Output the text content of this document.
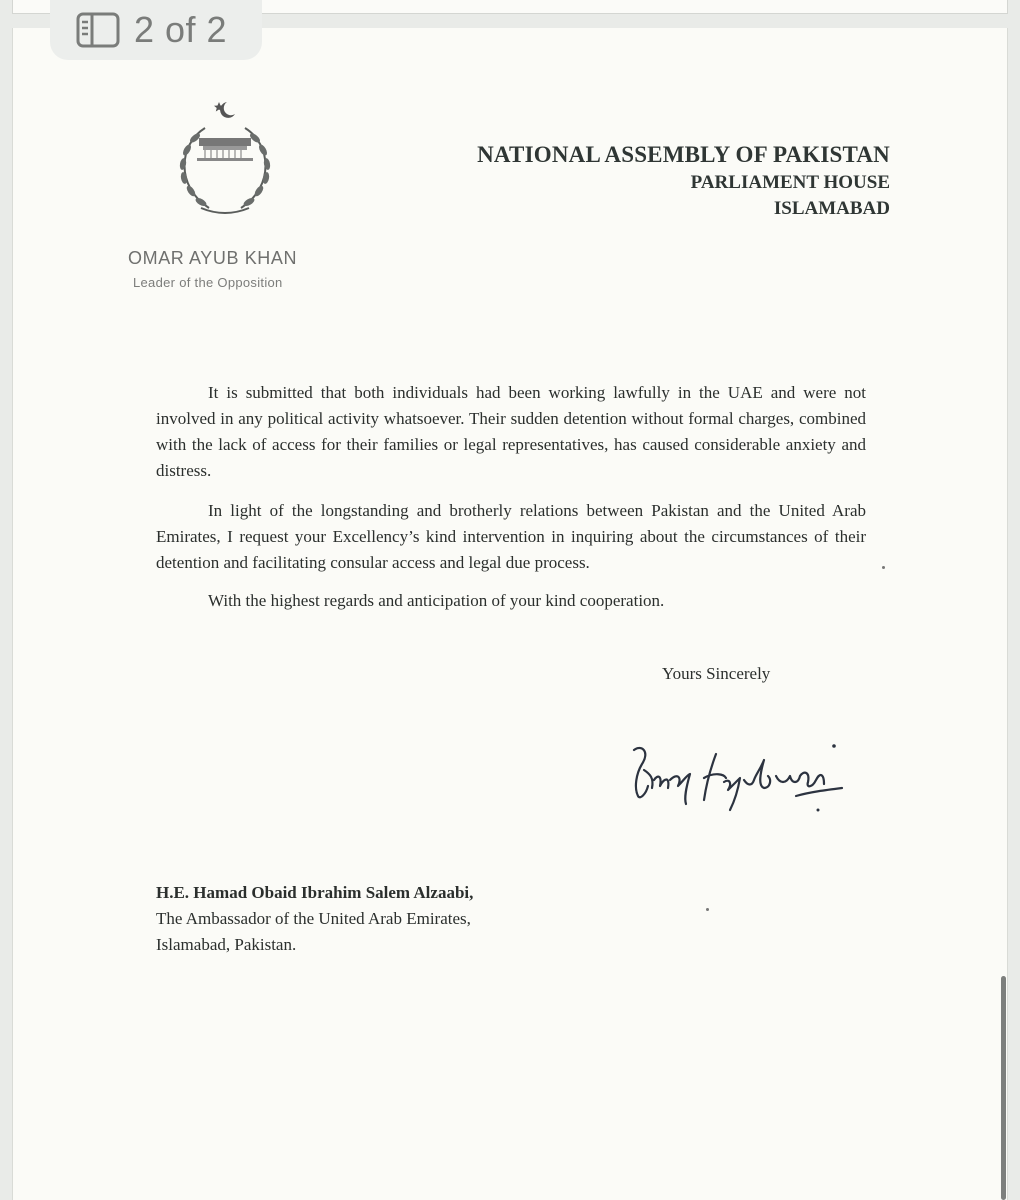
2 of 2
OMAR AYUB KHAN
Leader of the Opposition
NATIONAL ASSEMBLY OF PAKISTAN
PARLIAMENT HOUSE
ISLAMABAD

It is submitted that both individuals had been working lawfully in the UAE and were not involved in any political activity whatsoever. Their sudden detention without formal charges, combined with the lack of access for their families or legal representatives, has caused considerable anxiety and distress.

In light of the longstanding and brotherly relations between Pakistan and the United Arab Emirates, I request your Excellency’s kind intervention in inquiring about the circumstances of their detention and facilitating consular access and legal due process.

With the highest regards and anticipation of your kind cooperation.

Yours Sincerely
H.E. Hamad Obaid Ibrahim Salem Alzaabi,
The Ambassador of the United Arab Emirates,
Islamabad, Pakistan.
